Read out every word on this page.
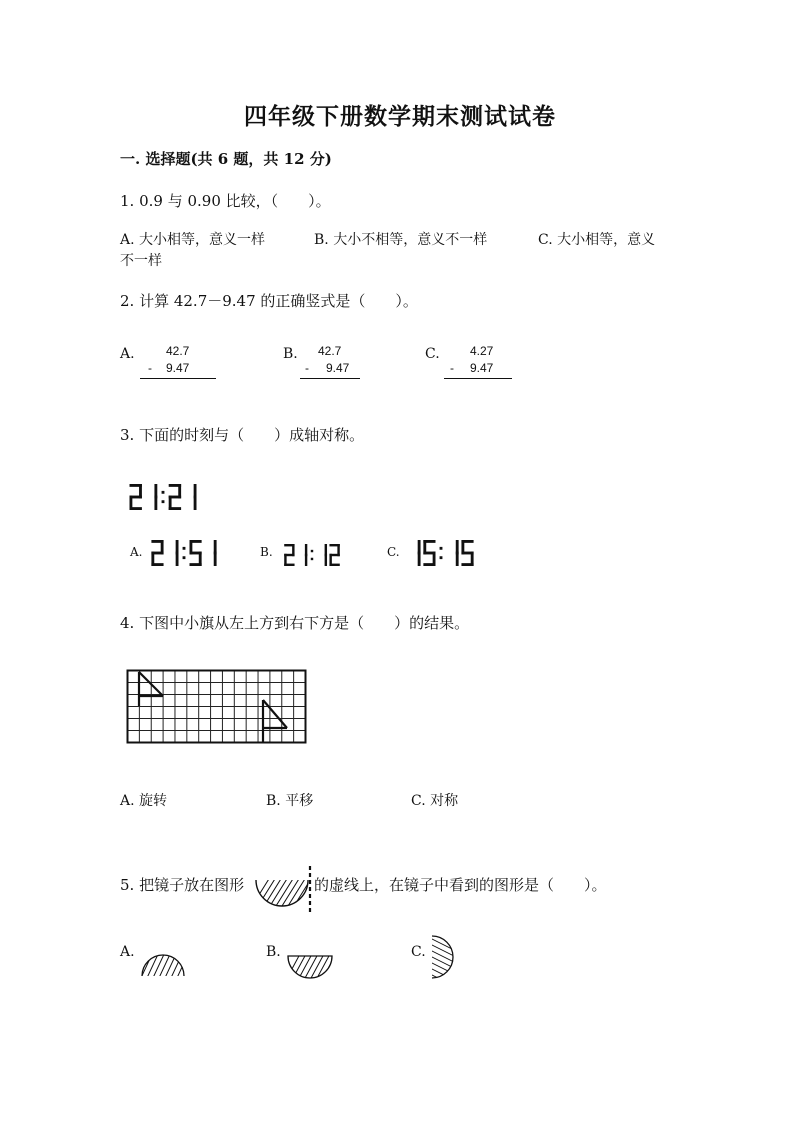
四年级下册数学期末测试试卷
一. 选择题(共 6 题，共 12 分)
1. 0.9 与 0.90 比较，（　　）。
A. 大小相等，意义一样	B. 大小不相等，意义不一样	C. 大小相等，意义
不一样
2. 计算 42.7－9.47 的正确竖式是（　　）。
A.	42.7
- 9.47
B. 42.7
- 9.47
C.	4.27
- 9.47
3. 下面的时刻与（　　）成轴对称。
A.	B.	C.
4. 下图中小旗从左上方到右下方是（　　）的结果。
A. 旋转	B. 平移	C. 对称
5. 把镜子放在图形	的虚线上，在镜子中看到的图形是（　　）。
A.	B.	C.
